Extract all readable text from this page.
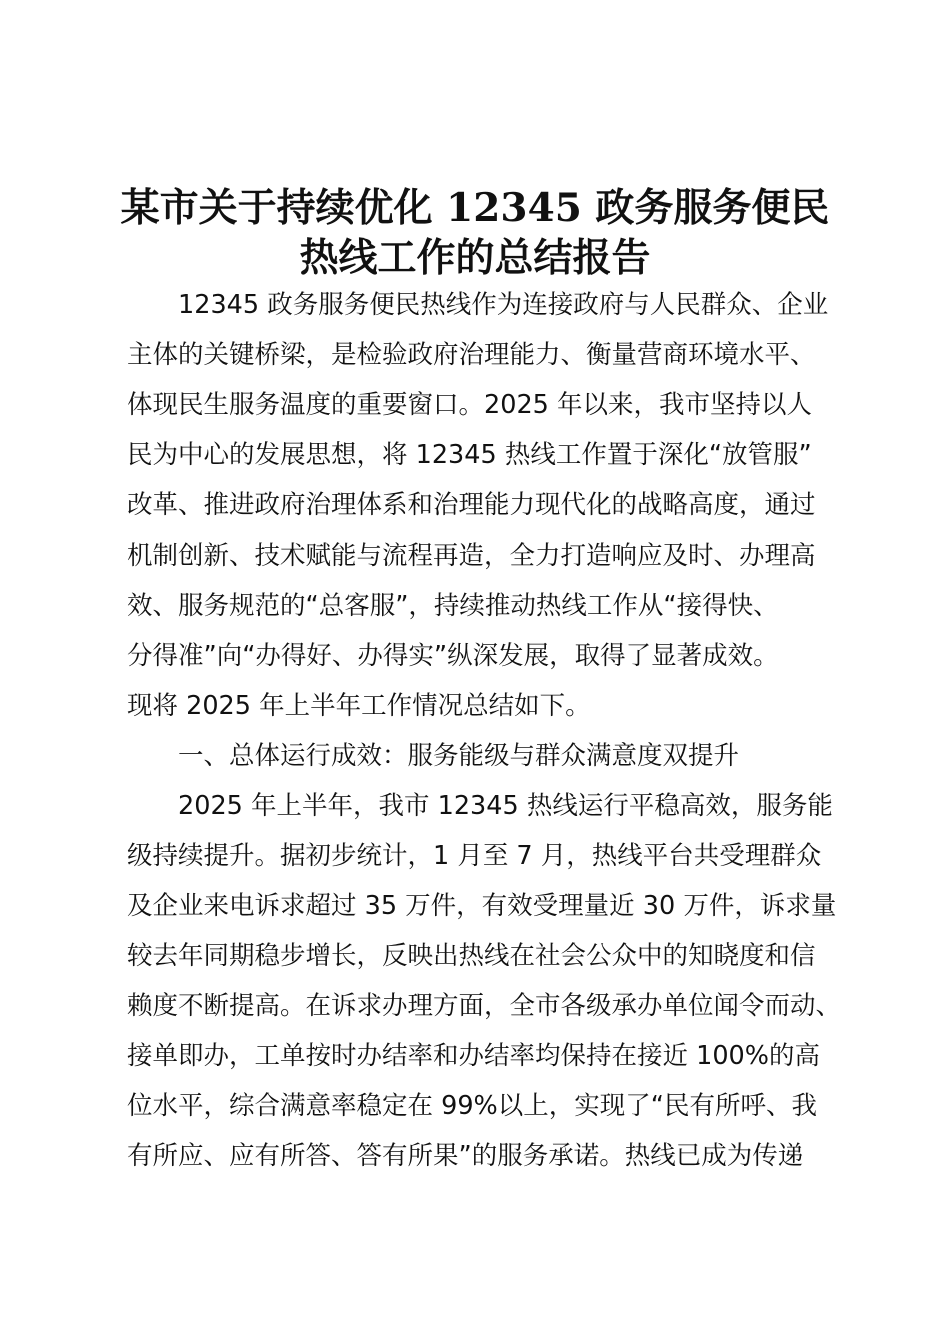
某市关于持续优化 12345 政务服务便民
热线工作的总结报告
12345 政务服务便民热线作为连接政府与人民群众、企业
主体的关键桥梁，是检验政府治理能力、衡量营商环境水平、
体现民生服务温度的重要窗口。2025 年以来，我市坚持以人
民为中心的发展思想，将 12345 热线工作置于深化“放管服”
改革、推进政府治理体系和治理能力现代化的战略高度，通过
机制创新、技术赋能与流程再造，全力打造响应及时、办理高
效、服务规范的“总客服”，持续推动热线工作从“接得快、
分得准”向“办得好、办得实”纵深发展，取得了显著成效。
现将 2025 年上半年工作情况总结如下。
一、总体运行成效：服务能级与群众满意度双提升
2025 年上半年，我市 12345 热线运行平稳高效，服务能
级持续提升。据初步统计，1 月至 7 月，热线平台共受理群众
及企业来电诉求超过 35 万件，有效受理量近 30 万件，诉求量
较去年同期稳步增长，反映出热线在社会公众中的知晓度和信
赖度不断提高。在诉求办理方面，全市各级承办单位闻令而动、
接单即办，工单按时办结率和办结率均保持在接近 100%的高
位水平，综合满意率稳定在 99%以上，实现了“民有所呼、我
有所应、应有所答、答有所果”的服务承诺。热线已成为传递
